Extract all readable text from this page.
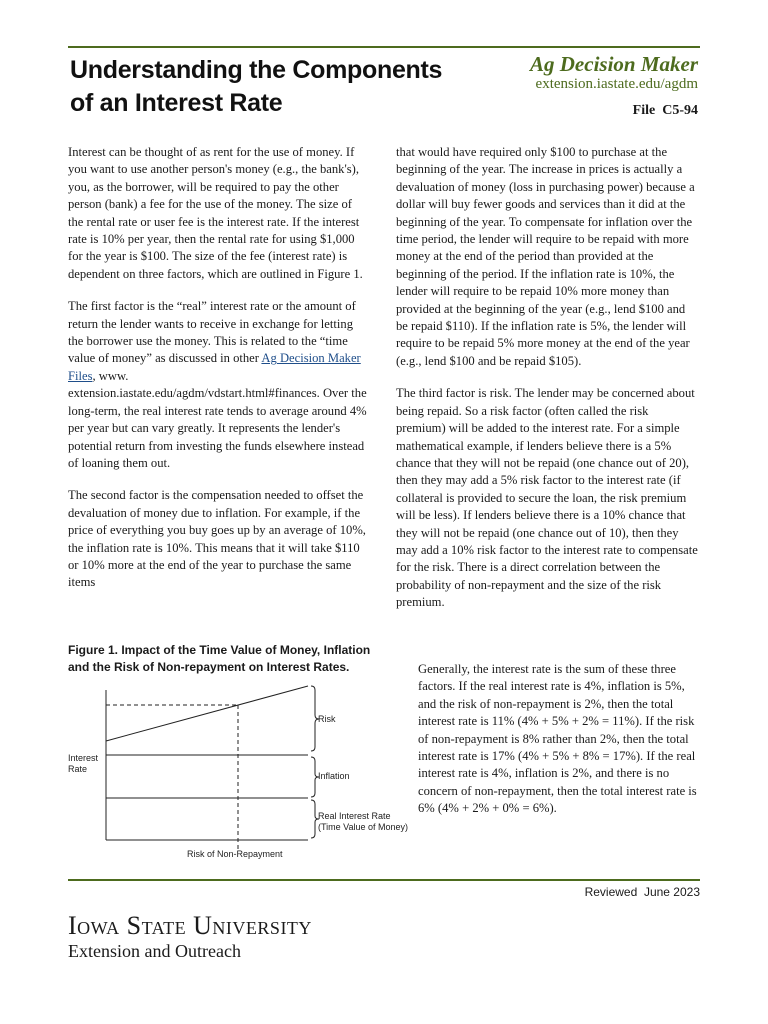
Understanding the Components
of an Interest Rate
Ag Decision Maker
extension.iastate.edu/agdm
File C5-94

Interest can be thought of as rent for the use of money. If you want to use another person's money (e.g., the bank's), you, as the borrower, will be required to pay the other person (bank) a fee for the use of the money. The size of the rental rate or user fee is the interest rate. If the interest rate is 10% per year, then the rental rate for using $1,000 for the year is $100. The size of the fee (interest rate) is dependent on three factors, which are outlined in Figure 1.

The first factor is the “real” interest rate or the amount of return the lender wants to receive in exchange for letting the borrower use the money. This is related to the “time value of money” as discussed in other Ag Decision Maker Files, www. extension.iastate.edu/agdm/vdstart.html#finances. Over the long-term, the real interest rate tends to average around 4% per year but can vary greatly. It represents the lender's potential return from investing the funds elsewhere instead of loaning them out.

The second factor is the compensation needed to offset the devaluation of money due to inflation. For example, if the price of everything you buy goes up by an average of 10%, the inflation rate is 10%. This means that it will take $110 or 10% more at the end of the year to purchase the same items

that would have required only $100 to purchase at the beginning of the year. The increase in prices is actually a devaluation of money (loss in purchasing power) because a dollar will buy fewer goods and services than it did at the beginning of the year. To compensate for inflation over the time period, the lender will require to be repaid with more money at the end of the period than provided at the beginning of the period. If the inflation rate is 10%, the lender will require to be repaid 10% more money than provided at the beginning of the year (e.g., lend $100 and be repaid $110). If the inflation rate is 5%, the lender will require to be repaid 5% more money at the end of the year (e.g., lend $100 and be repaid $105).

The third factor is risk. The lender may be concerned about being repaid. So a risk factor (often called the risk premium) will be added to the interest rate. For a simple mathematical example, if lenders believe there is a 5% chance that they will not be repaid (one chance out of 20), then they may add a 5% risk factor to the interest rate (if collateral is provided to secure the loan, the risk premium will be less). If lenders believe there is a 10% chance that they will not be repaid (one chance out of 10), then they may add a 10% risk factor to the interest rate to compensate for the risk. There is a direct correlation between the probability of non-repayment and the size of the risk premium.

Generally, the interest rate is the sum of these three factors. If the real interest rate is 4%, inflation is 5%, and the risk of non-repayment is 2%, then the total interest rate is 11% (4% + 5% + 2% = 11%). If the risk of non-repayment is 8% rather than 2%, then the total interest rate is 17% (4% + 5% + 8% = 17%). If the real interest rate is 4%, inflation is 2%, and there is no concern of non-repayment, then the total interest rate is 6% (4% + 2% + 0% = 6%).

Figure 1. Impact of the Time Value of Money, Inflation
and the Risk of Non-repayment on Interest Rates.
Risk
Inflation
Real Interest Rate
(Time Value of Money)
Interest
Rate
Risk of Non-Repayment
Reviewed June 2023
Iowa State University
Extension and Outreach
